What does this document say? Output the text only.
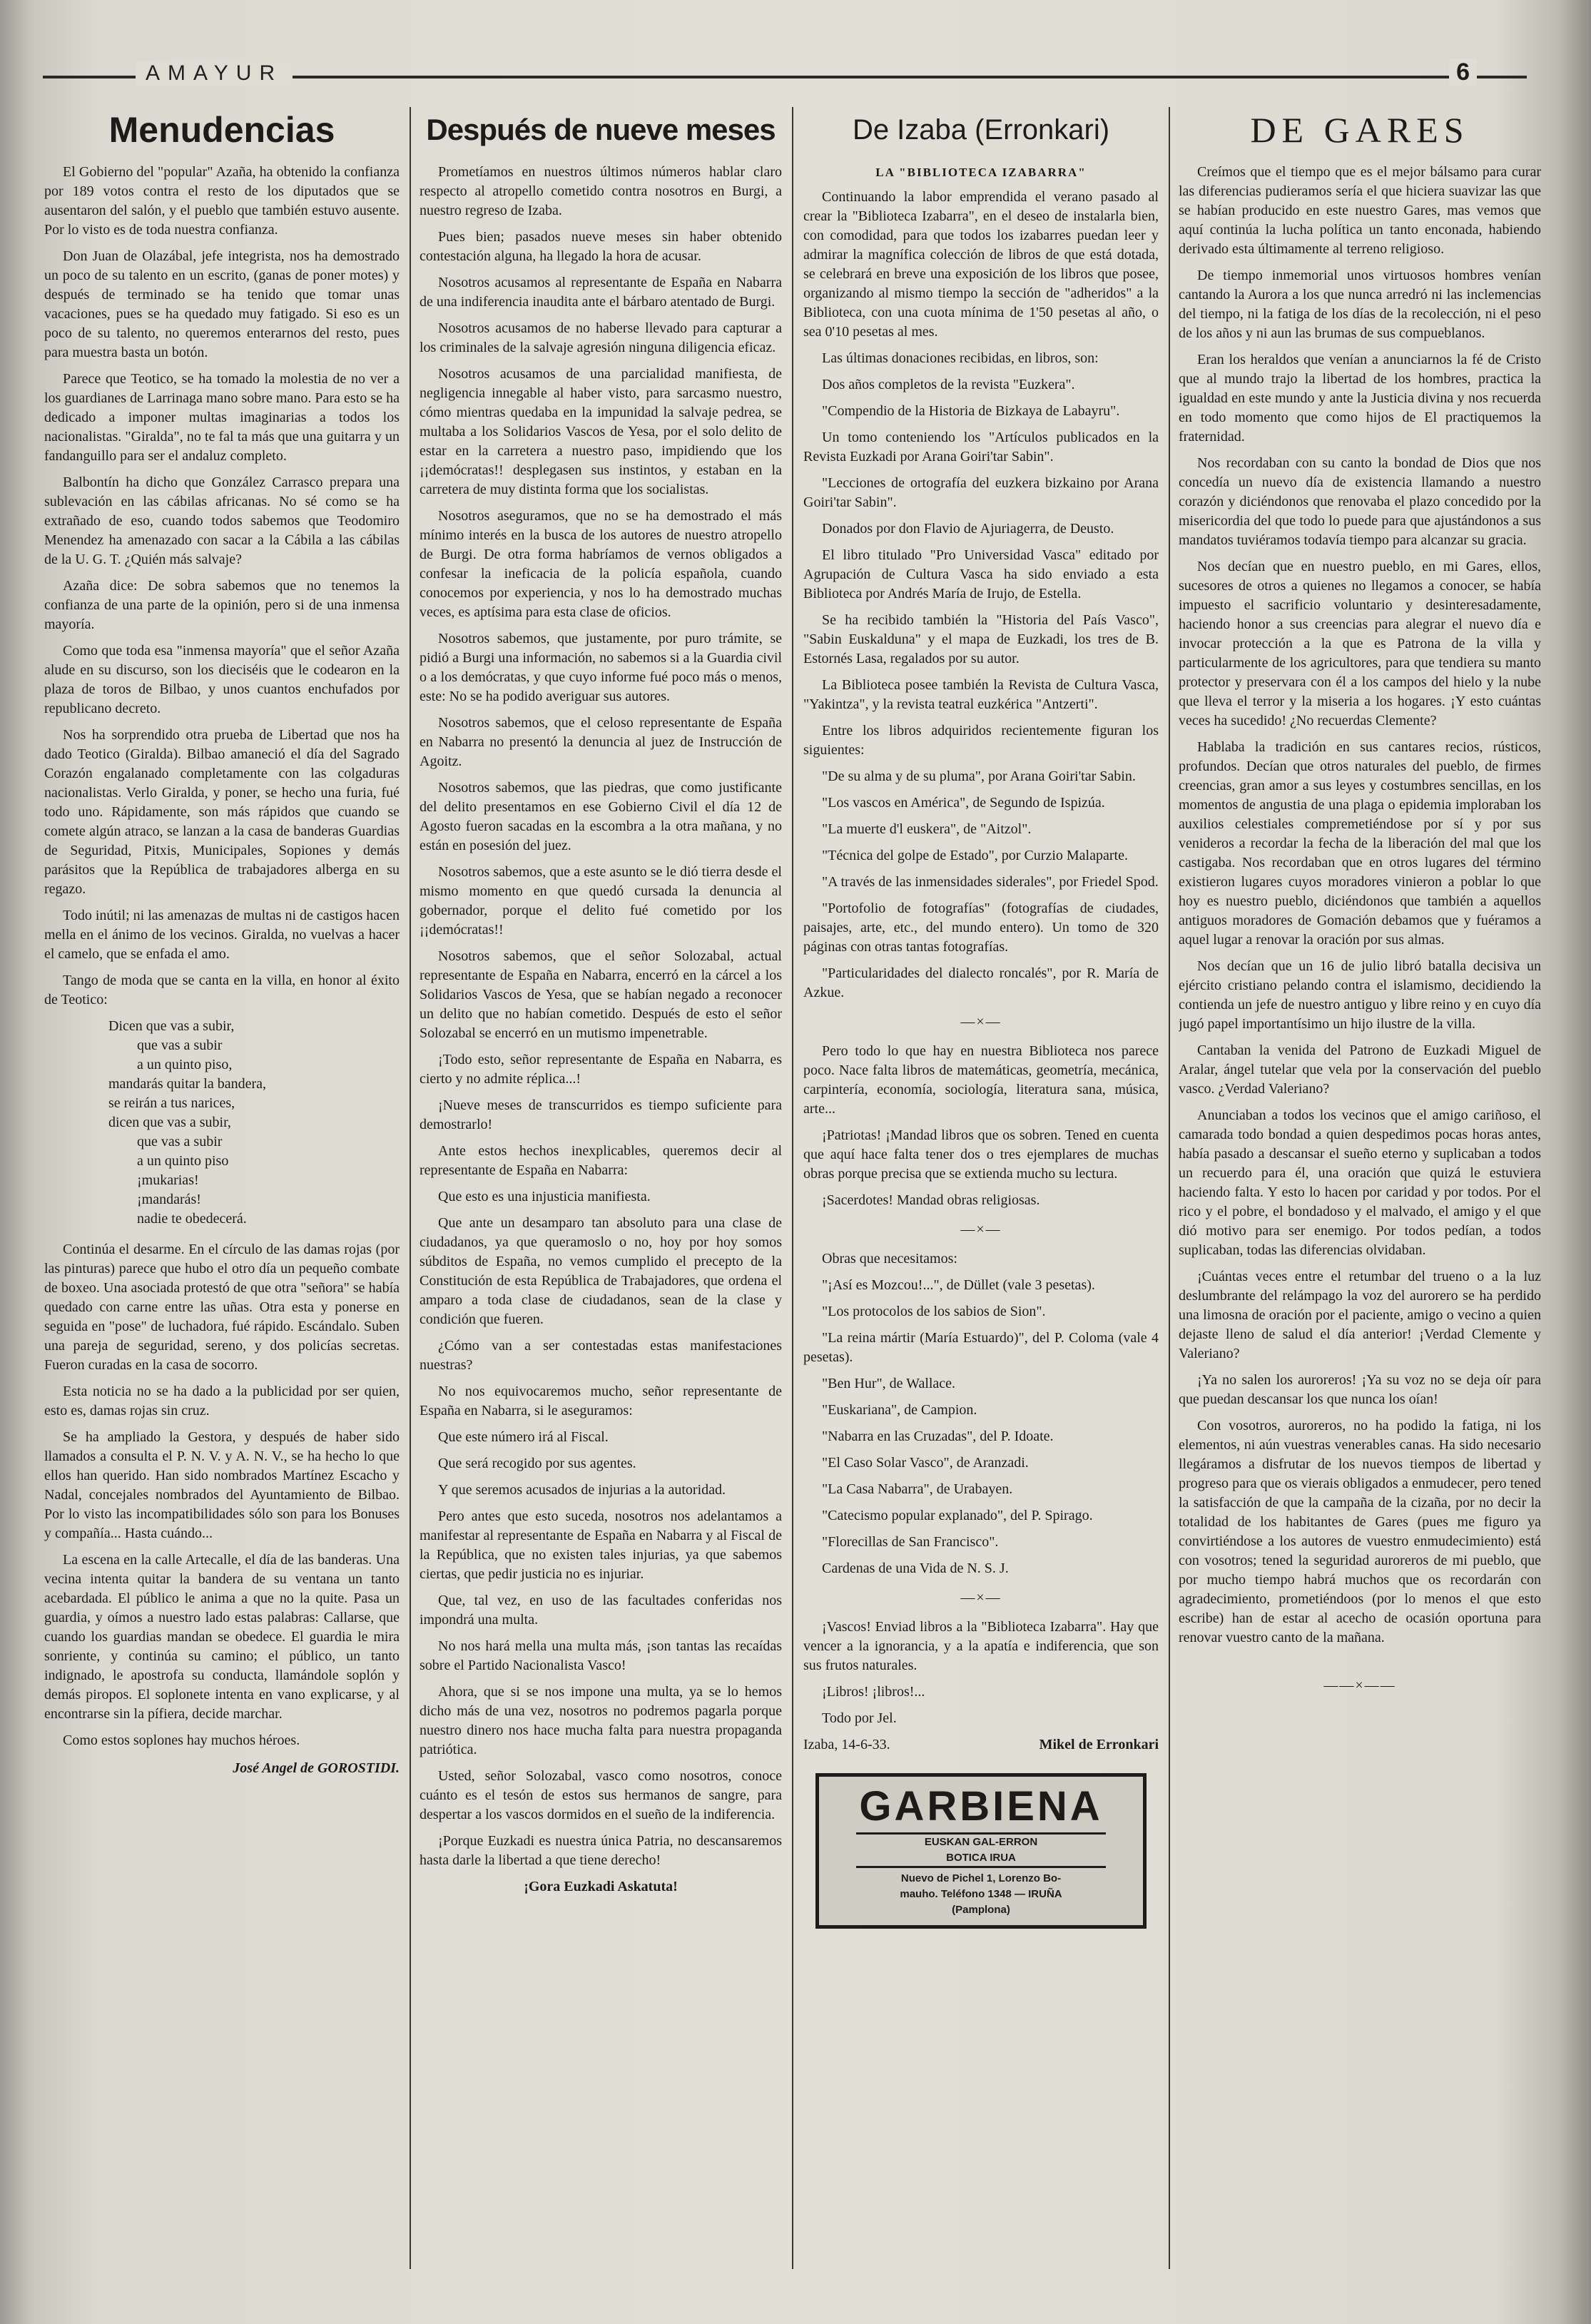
AMAYUR	6
Menudencias

El Gobierno del "popular" Azaña, ha obtenido la confianza por 189 votos contra el resto de los diputados que se ausentaron del salón, y el pueblo que también estuvo ausente. Por lo visto es de toda nuestra confianza.

Don Juan de Olazábal, jefe integrista, nos ha demostrado un poco de su talento en un escrito, (ganas de poner motes) y después de terminado se ha tenido que tomar unas vacaciones, pues se ha quedado muy fatigado. Si eso es un poco de su talento, no queremos enterarnos del resto, pues para muestra basta un botón.

Parece que Teotico, se ha tomado la molestia de no ver a los guardianes de Larrinaga mano sobre mano. Para esto se ha dedicado a imponer multas imaginarias a todos los nacionalistas. "Giralda", no te fal ta más que una guitarra y un fandanguillo para ser el andaluz completo.

Balbontín ha dicho que González Carrasco prepara una sublevación en las cábilas africanas. No sé como se ha extrañado de eso, cuando todos sabemos que Teodomiro Menendez ha amenazado con sacar a la Cábila a las cábilas de la U. G. T. ¿Quién más salvaje?

Azaña dice: De sobra sabemos que no tenemos la confianza de una parte de la opinión, pero si de una inmensa mayoría.

Como que toda esa "inmensa mayoría" que el señor Azaña alude en su discurso, son los dieciséis que le codearon en la plaza de toros de Bilbao, y unos cuantos enchufados por republicano decreto.

Nos ha sorprendido otra prueba de Libertad que nos ha dado Teotico (Giralda). Bilbao amaneció el día del Sagrado Corazón engalanado completamente con las colgaduras nacionalistas. Verlo Giralda, y poner, se hecho una furia, fué todo uno. Rápidamente, son más rápidos que cuando se comete algún atraco, se lanzan a la casa de banderas Guardias de Seguridad, Pitxis, Municipales, Sopiones y demás parásitos que la República de trabajadores alberga en su regazo.

Todo inútil; ni las amenazas de multas ni de castigos hacen mella en el ánimo de los vecinos. Giralda, no vuelvas a hacer el camelo, que se enfada el amo.

Tango de moda que se canta en la villa, en honor al éxito de Teotico:

Dicen que vas a subir,
que vas a subir
a un quinto piso,
mandarás quitar la bandera,
se reirán a tus narices,
dicen que vas a subir,
que vas a subir
a un quinto piso
¡mukarias!
¡mandarás!
nadie te obedecerá.

Continúa el desarme. En el círculo de las damas rojas (por las pinturas) parece que hubo el otro día un pequeño combate de boxeo. Una asociada protestó de que otra "señora" se había quedado con carne entre las uñas. Otra esta y ponerse en seguida en "pose" de luchadora, fué rápido. Escándalo. Suben una pareja de seguridad, sereno, y dos policías secretas. Fueron curadas en la casa de socorro.

Esta noticia no se ha dado a la publicidad por ser quien, esto es, damas rojas sin cruz.

Se ha ampliado la Gestora, y después de haber sido llamados a consulta el P. N. V. y A. N. V., se ha hecho lo que ellos han querido. Han sido nombrados Martínez Escacho y Nadal, concejales nombrados del Ayuntamiento de Bilbao. Por lo visto las incompatibilidades sólo son para los Bonuses y compañía... Hasta cuándo...

La escena en la calle Artecalle, el día de las banderas. Una vecina intenta quitar la bandera de su ventana un tanto acebardada. El público le anima a que no la quite. Pasa un guardia, y oímos a nuestro lado estas palabras: Callarse, que cuando los guardias mandan se obedece. El guardia le mira sonriente, y continúa su camino; el público, un tanto indignado, le apostrofa su conducta, llamándole soplón y demás piropos. El soplonete intenta en vano explicarse, y al encontrarse sin la pífiera, decide marchar.

Como estos soplones hay muchos héroes.

José Angel de GOROSTIDI.

Después de nueve meses

Prometíamos en nuestros últimos números hablar claro respecto al atropello cometido contra nosotros en Burgi, a nuestro regreso de Izaba.

Pues bien; pasados nueve meses sin haber obtenido contestación alguna, ha llegado la hora de acusar.

Nosotros acusamos al representante de España en Nabarra de una indiferencia inaudita ante el bárbaro atentado de Burgi.

Nosotros acusamos de no haberse llevado para capturar a los criminales de la salvaje agresión ninguna diligencia eficaz.

Nosotros acusamos de una parcialidad manifiesta, de negligencia innegable al haber visto, para sarcasmo nuestro, cómo mientras quedaba en la impunidad la salvaje pedrea, se multaba a los Solidarios Vascos de Yesa, por el solo delito de estar en la carretera a nuestro paso, impidiendo que los ¡¡demócratas!! desplegasen sus instintos, y estaban en la carretera de muy distinta forma que los socialistas.

Nosotros aseguramos, que no se ha demostrado el más mínimo interés en la busca de los autores de nuestro atropello de Burgi. De otra forma habríamos de vernos obligados a confesar la ineficacia de la policía española, cuando conocemos por experiencia, y nos lo ha demostrado muchas veces, es aptísima para esta clase de oficios.

Nosotros sabemos, que justamente, por puro trámite, se pidió a Burgi una información, no sabemos si a la Guardia civil o a los demócratas, y que cuyo informe fué poco más o menos, este: No se ha podido averiguar sus autores.

Nosotros sabemos, que el celoso representante de España en Nabarra no presentó la denuncia al juez de Instrucción de Agoitz.

Nosotros sabemos, que las piedras, que como justificante del delito presentamos en ese Gobierno Civil el día 12 de Agosto fueron sacadas en la escombra a la otra mañana, y no están en posesión del juez.

Nosotros sabemos, que a este asunto se le dió tierra desde el mismo momento en que quedó cursada la denuncia al gobernador, porque el delito fué cometido por los ¡¡demócratas!!

Nosotros sabemos, que el señor Solozabal, actual representante de España en Nabarra, encerró en la cárcel a los Solidarios Vascos de Yesa, que se habían negado a reconocer un delito que no habían cometido. Después de esto el señor Solozabal se encerró en un mutismo impenetrable.

¡Todo esto, señor representante de España en Nabarra, es cierto y no admite réplica...!

¡Nueve meses de transcurridos es tiempo suficiente para demostrarlo!

Ante estos hechos inexplicables, queremos decir al representante de España en Nabarra:

Que esto es una injusticia manifiesta.

Que ante un desamparo tan absoluto para una clase de ciudadanos, ya que queramoslo o no, hoy por hoy somos súbditos de España, no vemos cumplido el precepto de la Constitución de esta República de Trabajadores, que ordena el amparo a toda clase de ciudadanos, sean de la clase y condición que fueren.

¿Cómo van a ser contestadas estas manifestaciones nuestras?

No nos equivocaremos mucho, señor representante de España en Nabarra, si le aseguramos:

Que este número irá al Fiscal.

Que será recogido por sus agentes.

Y que seremos acusados de injurias a la autoridad.

Pero antes que esto suceda, nosotros nos adelantamos a manifestar al representante de España en Nabarra y al Fiscal de la República, que no existen tales injurias, ya que sabemos ciertas, que pedir justicia no es injuriar.

Que, tal vez, en uso de las facultades conferidas nos impondrá una multa.

No nos hará mella una multa más, ¡son tantas las recaídas sobre el Partido Nacionalista Vasco!

Ahora, que si se nos impone una multa, ya se lo hemos dicho más de una vez, nosotros no podremos pagarla porque nuestro dinero nos hace mucha falta para nuestra propaganda patriótica.

Usted, señor Solozabal, vasco como nosotros, conoce cuánto es el tesón de estos sus hermanos de sangre, para despertar a los vascos dormidos en el sueño de la indiferencia.

¡Porque Euzkadi es nuestra única Patria, no descansaremos hasta darle la libertad a que tiene derecho!

¡Gora Euzkadi Askatuta!

De Izaba (Erronkari)
LA "BIBLIOTECA IZABARRA"

Continuando la labor emprendida el verano pasado al crear la "Biblioteca Izabarra", en el deseo de instalarla bien, con comodidad, para que todos los izabarres puedan leer y admirar la magnífica colección de libros de que está dotada, se celebrará en breve una exposición de los libros que posee, organizando al mismo tiempo la sección de "adheridos" a la Biblioteca, con una cuota mínima de 1'50 pesetas al año, o sea 0'10 pesetas al mes.

Las últimas donaciones recibidas, en libros, son:

Dos años completos de la revista "Euzkera".

"Compendio de la Historia de Bizkaya de Labayru".

Un tomo conteniendo los "Artículos publicados en la Revista Euzkadi por Arana Goiri'tar Sabin".

"Lecciones de ortografía del euzkera bizkaino por Arana Goiri'tar Sabin".

Donados por don Flavio de Ajuriagerra, de Deusto.

El libro titulado "Pro Universidad Vasca" editado por Agrupación de Cultura Vasca ha sido enviado a esta Biblioteca por Andrés María de Irujo, de Estella.

Se ha recibido también la "Historia del País Vasco", "Sabin Euskalduna" y el mapa de Euzkadi, los tres de B. Estornés Lasa, regalados por su autor.

La Biblioteca posee también la Revista de Cultura Vasca, "Yakintza", y la revista teatral euzkérica "Antzerti".

Entre los libros adquiridos recientemente figuran los siguientes:

"De su alma y de su pluma", por Arana Goiri'tar Sabin.

"Los vascos en América", de Segundo de Ispizúa.

"La muerte d'l euskera", de "Aitzol".

"Técnica del golpe de Estado", por Curzio Malaparte.

"A través de las inmensidades siderales", por Friedel Spod.

"Portofolio de fotografías" (fotografías de ciudades, paisajes, arte, etc., del mundo entero). Un tomo de 320 páginas con otras tantas fotografías.

"Particularidades del dialecto roncalés", por R. María de Azkue.

—×—

Pero todo lo que hay en nuestra Biblioteca nos parece poco. Nace falta libros de matemáticas, geometría, mecánica, carpintería, economía, sociología, literatura sana, música, arte...

¡Patriotas! ¡Mandad libros que os sobren. Tened en cuenta que aquí hace falta tener dos o tres ejemplares de muchas obras porque precisa que se extienda mucho su lectura.

¡Sacerdotes! Mandad obras religiosas.

—×—

Obras que necesitamos:

"¡Así es Mozcou!...", de Düllet (vale 3 pesetas).

"Los protocolos de los sabios de Sion".

"La reina mártir (María Estuardo)", del P. Coloma (vale 4 pesetas).

"Ben Hur", de Wallace.

"Euskariana", de Campion.

"Nabarra en las Cruzadas", del P. Idoate.

"El Caso Solar Vasco", de Aranzadi.

"La Casa Nabarra", de Urabayen.

"Catecismo popular explanado", del P. Spirago.

"Florecillas de San Francisco".

Cardenas de una Vida de N. S. J.

—×—

¡Vascos! Enviad libros a la "Biblioteca Izabarra". Hay que vencer a la ignorancia, y a la apatía e indiferencia, que son sus frutos naturales.

¡Libros! ¡libros!...

Todo por Jel.

Izaba, 14-6-33.	Mikel de Erronkari
GARBIENA
EUSKAN GAL-ERRON
BOTICA IRUA
Nuevo de Pichel 1, Lorenzo Bo-
mauho. Teléfono 1348 — IRUÑA
(Pamplona)
DE GARES

Creímos que el tiempo que es el mejor bálsamo para curar las diferencias pudieramos sería el que hiciera suavizar las que se habían producido en este nuestro Gares, mas vemos que aquí continúa la lucha política un tanto enconada, habiendo derivado esta últimamente al terreno religioso.

De tiempo inmemorial unos virtuosos hombres venían cantando la Aurora a los que nunca arredró ni las inclemencias del tiempo, ni la fatiga de los días de la recolección, ni el peso de los años y ni aun las brumas de sus compueblanos.

Eran los heraldos que venían a anunciarnos la fé de Cristo que al mundo trajo la libertad de los hombres, practica la igualdad en este mundo y ante la Justicia divina y nos recuerda en todo momento que como hijos de El practiquemos la fraternidad.

Nos recordaban con su canto la bondad de Dios que nos concedía un nuevo día de existencia llamando a nuestro corazón y diciéndonos que renovaba el plazo concedido por la misericordia del que todo lo puede para que ajustándonos a sus mandatos tuviéramos todavía tiempo para alcanzar su gracia.

Nos decían que en nuestro pueblo, en mi Gares, ellos, sucesores de otros a quienes no llegamos a conocer, se había impuesto el sacrificio voluntario y desinteresadamente, haciendo honor a sus creencias para alegrar el nuevo día e invocar protección a la que es Patrona de la villa y particularmente de los agricultores, para que tendiera su manto protector y preservara con él a los campos del hielo y la nube que lleva el terror y la miseria a los hogares. ¡Y esto cuántas veces ha sucedido! ¿No recuerdas Clemente?

Hablaba la tradición en sus cantares recios, rústicos, profundos. Decían que otros naturales del pueblo, de firmes creencias, gran amor a sus leyes y costumbres sencillas, en los momentos de angustia de una plaga o epidemia imploraban los auxilios celestiales compremetiéndose por sí y por sus venideros a recordar la fecha de la liberación del mal que los castigaba. Nos recordaban que en otros lugares del término existieron lugares cuyos moradores vinieron a poblar lo que hoy es nuestro pueblo, diciéndonos que también a aquellos antiguos moradores de Gomación debamos que y fuéramos a aquel lugar a renovar la oración por sus almas.

Nos decían que un 16 de julio libró batalla decisiva un ejército cristiano pelando contra el islamismo, decidiendo la contienda un jefe de nuestro antiguo y libre reino y en cuyo día jugó papel importantísimo un hijo ilustre de la villa.

Cantaban la venida del Patrono de Euzkadi Miguel de Aralar, ángel tutelar que vela por la conservación del pueblo vasco. ¿Verdad Valeriano?

Anunciaban a todos los vecinos que el amigo cariñoso, el camarada todo bondad a quien despedimos pocas horas antes, había pasado a descansar el sueño eterno y suplicaban a todos un recuerdo para él, una oración que quizá le estuviera haciendo falta. Y esto lo hacen por caridad y por todos. Por el rico y el pobre, el bondadoso y el malvado, el amigo y el que dió motivo para ser enemigo. Por todos pedían, a todos suplicaban, todas las diferencias olvidaban.

¡Cuántas veces entre el retumbar del trueno o a la luz deslumbrante del relámpago la voz del aurorero se ha perdido una limosna de oración por el paciente, amigo o vecino a quien dejaste lleno de salud el día anterior! ¡Verdad Clemente y Valeriano?

¡Ya no salen los auroreros! ¡Ya su voz no se deja oír para que puedan descansar los que nunca los oían!

Con vosotros, auroreros, no ha podido la fatiga, ni los elementos, ni aún vuestras venerables canas. Ha sido necesario llegáramos a disfrutar de los nuevos tiempos de libertad y progreso para que os vierais obligados a enmudecer, pero tened la satisfacción de que la campaña de la cizaña, por no decir la totalidad de los habitantes de Gares (pues me figuro ya convirtiéndose a los autores de vuestro enmudecimiento) está con vosotros; tened la seguridad auroreros de mi pueblo, que por mucho tiempo habrá muchos que os recordarán con agradecimiento, prometiéndoos (por lo menos el que esto escribe) han de estar al acecho de ocasión oportuna para renovar vuestro canto de la mañana.

——×——
